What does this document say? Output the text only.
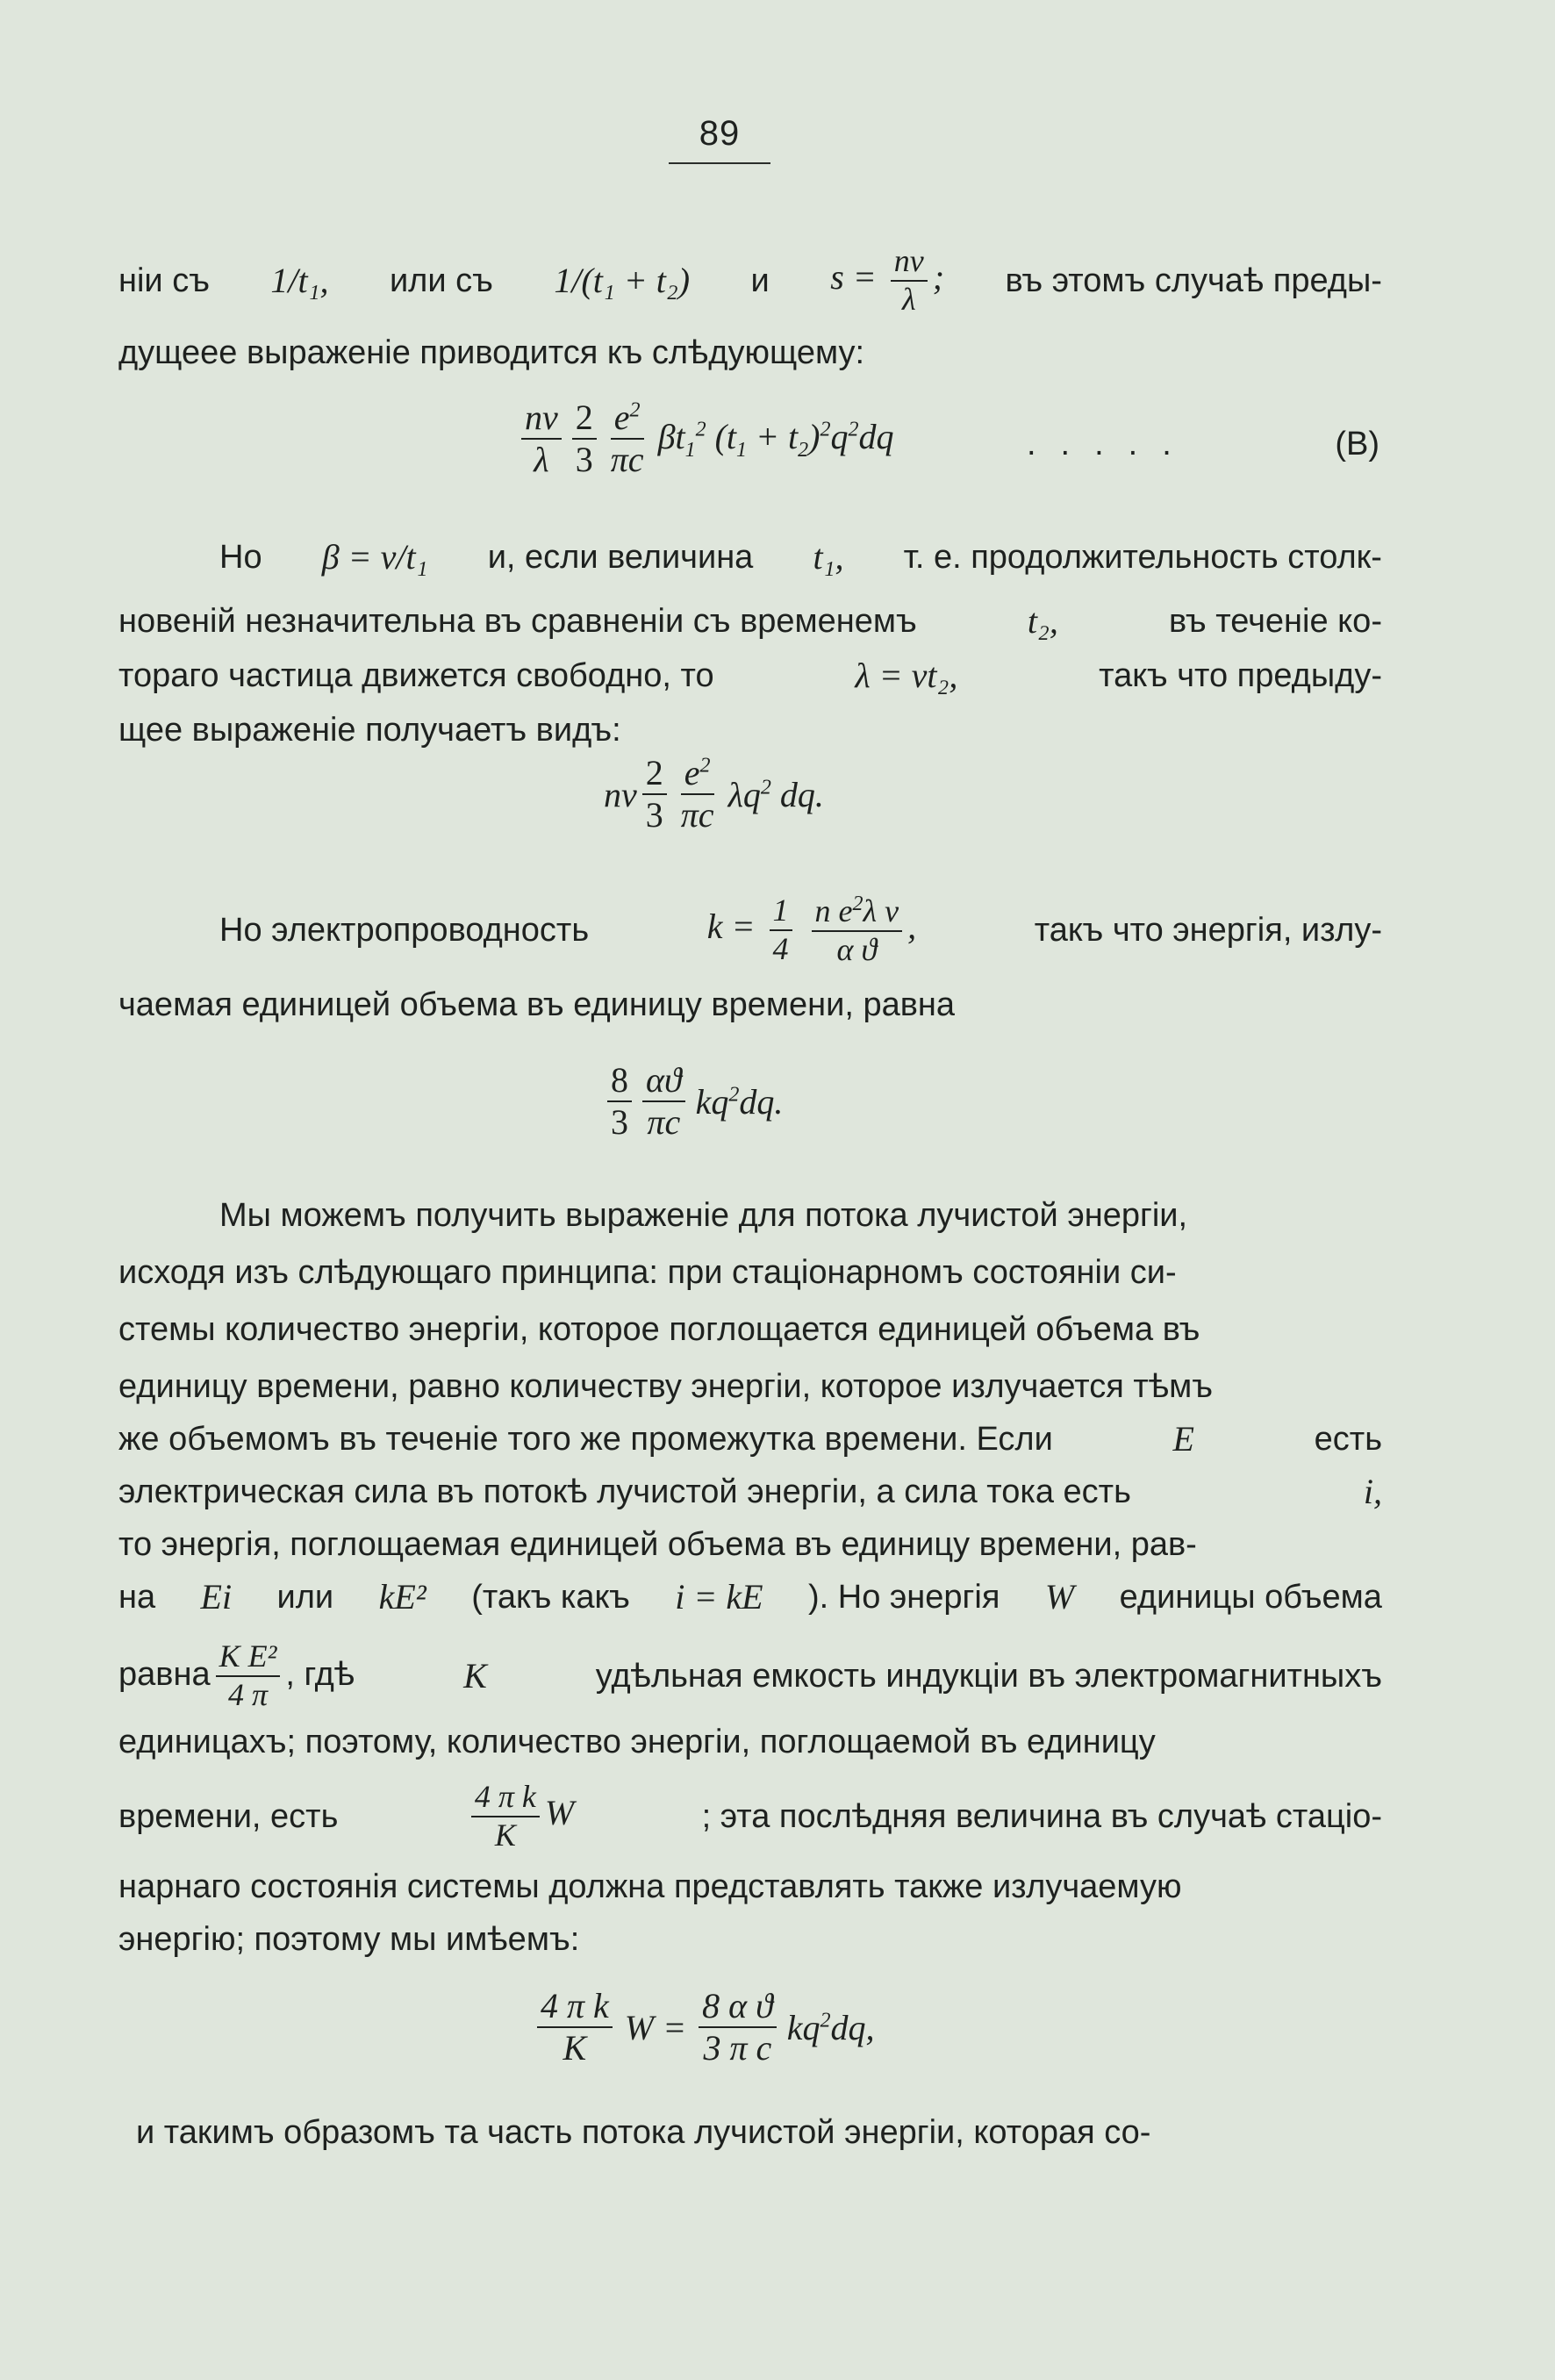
89
ніи съ 1/t₁, или съ 1/(t₁ + t₂) и $s = \frac{nv}{\lambda}$ ; въ этомъ случаѣ преды-
дущеее выраженіе приводится къ слѣдующему:
$\frac{nv}{\lambda} \frac{2}{3} \frac{e^2}{\pi c} \beta t_1^2$ $(t_1 + t_2)^2q^2dq$	.....	(B)
Но β = v/t₁ и, если величина t₁, т. е. продолжительность столк-
новеній незначительна въ сравненіи съ временемъ	t₂,	въ теченіе ко-
тораго частица движется свободно, то	λ = vt₂,	такъ что предыду-
щее выраженіе получаетъ видъ:
nv $\frac{2}{3} \frac{e^2}{\pi c} \lambda q^2$ dq.
Но электропроводность	$k = \frac{1}{4}$
$\frac{n e^2\lambda v}{\text{α ϑ}}$ ,	такъ что энергія, излу-
чаемая единицей объема въ единицу времени, равна
$\frac{8}{3} \frac{\alpha ϑ}{\pi c} kq^2dq$.
Мы можемъ получить выраженіе для потока лучистой энергіи,
исходя изъ слѣдующаго принципа: при стаціонарномъ состояніи си-
стемы количество энергіи, которое поглощается единицей объема въ
единицу времени, равно количеству энергіи, которое излучается тѣмъ
же объемомъ въ теченіе того же промежутка времени. Если	E	есть
электрическая сила въ потокѣ лучистой энергіи, а сила тока есть	i,
то энергія, поглощаемая единицей объема въ единицу времени, рав-
на Ei или kE² (такъ какъ i = kE ). Но энергія W единицы объема
равна $\frac{\text{K E²}}{4 \pi}$ , гдѣ	K	удѣльная емкость индукціи въ электромагнитныхъ
единицахъ; поэтому, количество энергіи, поглощаемой въ единицу
времени, есть	$\frac{\text{4 π k}}{K}$ W	; эта послѣдняя величина въ случаѣ стаціо-
нарнаго состоянія системы должна представлять также излучаемую
энергію; поэтому мы имѣемъ:
$\frac{\text{4 π k}}{K}$ $W = \frac{\text{8 α ϑ}}{\text{3 π c}} kq^2dq$,
и такимъ образомъ та часть потока лучистой энергіи, которая со-
